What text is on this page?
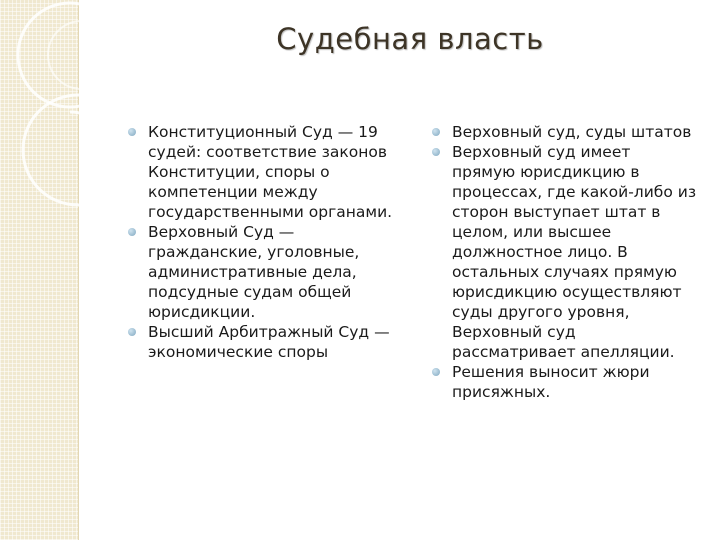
Судебная власть
Конституционный Суд — 19 судей: соответствие законов Конституции, споры о компетенции между государственными органами.
Верховный Суд — гражданские, уголовные, административные дела, подсудные судам общей юрисдикции.
Высший Арбитражный Суд — экономические споры
Верховный суд, суды штатов
Верховный суд имеет прямую юрисдикцию в процессах, где какой-либо из сторон выступает штат в целом, или высшее должностное лицо. В остальных случаях прямую юрисдикцию осуществляют суды другого уровня, Верховный суд рассматривает апелляции.
Решения выносит жюри присяжных.
